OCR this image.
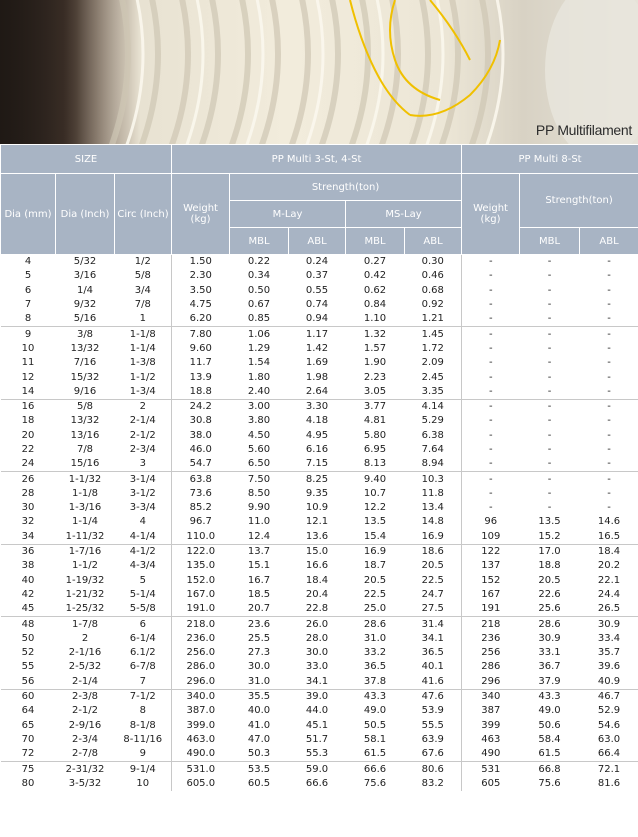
PP Multifilament
SIZE			PP Multi 3-St, 4-St					PP Multi 8-St		
Dia (mm)	Dia (Inch)	Circ (Inch)	Weight (kg)	Strength(ton)				Weight (kg)	Strength(ton)	
				M-Lay		MS-Lay				
				MBL	ABL	MBL	ABL		MBL	ABL
4	5/32	1/2	1.50	0.22	0.24	0.27	0.30	-	-	-
5	3/16	5/8	2.30	0.34	0.37	0.42	0.46	-	-	-
6	1/4	3/4	3.50	0.50	0.55	0.62	0.68	-	-	-
7	9/32	7/8	4.75	0.67	0.74	0.84	0.92	-	-	-
8	5/16	1	6.20	0.85	0.94	1.10	1.21	-	-	-
9	3/8	1-1/8	7.80	1.06	1.17	1.32	1.45	-	-	-
10	13/32	1-1/4	9.60	1.29	1.42	1.57	1.72	-	-	-
11	7/16	1-3/8	11.7	1.54	1.69	1.90	2.09	-	-	-
12	15/32	1-1/2	13.9	1.80	1.98	2.23	2.45	-	-	-
14	9/16	1-3/4	18.8	2.40	2.64	3.05	3.35	-	-	-
16	5/8	2	24.2	3.00	3.30	3.77	4.14	-	-	-
18	13/32	2-1/4	30.8	3.80	4.18	4.81	5.29	-	-	-
20	13/16	2-1/2	38.0	4.50	4.95	5.80	6.38	-	-	-
22	7/8	2-3/4	46.0	5.60	6.16	6.95	7.64	-	-	-
24	15/16	3	54.7	6.50	7.15	8.13	8.94	-	-	-
26	1-1/32	3-1/4	63.8	7.50	8.25	9.40	10.3	-	-	-
28	1-1/8	3-1/2	73.6	8.50	9.35	10.7	11.8	-	-	-
30	1-3/16	3-3/4	85.2	9.90	10.9	12.2	13.4	-	-	-
32	1-1/4	4	96.7	11.0	12.1	13.5	14.8	96	13.5	14.6
34	1-11/32	4-1/4	110.0	12.4	13.6	15.4	16.9	109	15.2	16.5
36	1-7/16	4-1/2	122.0	13.7	15.0	16.9	18.6	122	17.0	18.4
38	1-1/2	4-3/4	135.0	15.1	16.6	18.7	20.5	137	18.8	20.2
40	1-19/32	5	152.0	16.7	18.4	20.5	22.5	152	20.5	22.1
42	1-21/32	5-1/4	167.0	18.5	20.4	22.5	24.7	167	22.6	24.4
45	1-25/32	5-5/8	191.0	20.7	22.8	25.0	27.5	191	25.6	26.5
48	1-7/8	6	218.0	23.6	26.0	28.6	31.4	218	28.6	30.9
50	2	6-1/4	236.0	25.5	28.0	31.0	34.1	236	30.9	33.4
52	2-1/16	6.1/2	256.0	27.3	30.0	33.2	36.5	256	33.1	35.7
55	2-5/32	6-7/8	286.0	30.0	33.0	36.5	40.1	286	36.7	39.6
56	2-1/4	7	296.0	31.0	34.1	37.8	41.6	296	37.9	40.9
60	2-3/8	7-1/2	340.0	35.5	39.0	43.3	47.6	340	43.3	46.7
64	2-1/2	8	387.0	40.0	44.0	49.0	53.9	387	49.0	52.9
65	2-9/16	8-1/8	399.0	41.0	45.1	50.5	55.5	399	50.6	54.6
70	2-3/4	8-11/16	463.0	47.0	51.7	58.1	63.9	463	58.4	63.0
72	2-7/8	9	490.0	50.3	55.3	61.5	67.6	490	61.5	66.4
75	2-31/32	9-1/4	531.0	53.5	59.0	66.6	80.6	531	66.8	72.1
80	3-5/32	10	605.0	60.5	66.6	75.6	83.2	605	75.6	81.6
